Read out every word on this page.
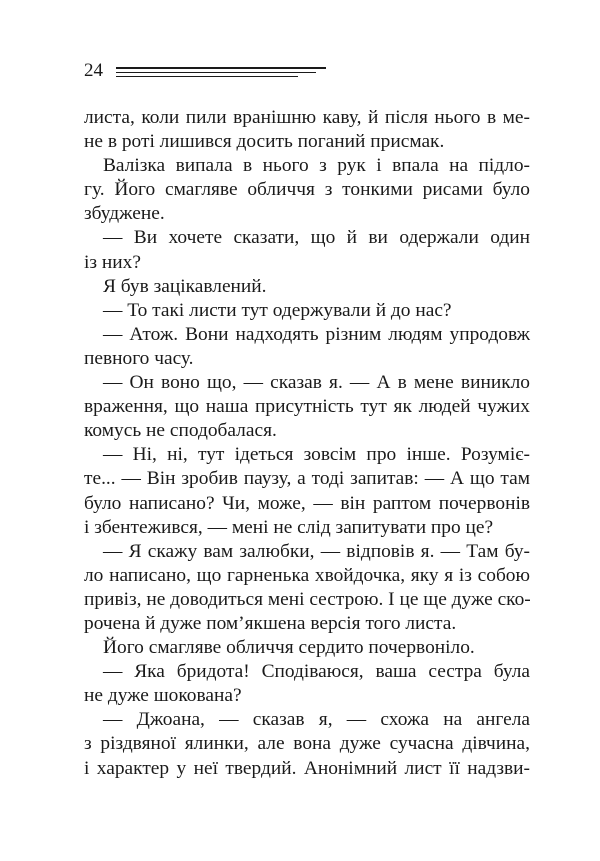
24
листа, коли пили вранішню каву, й після нього в ме-
не в роті лишився досить поганий присмак.
Валізка випала в нього з рук і впала на підло-
гу. Його смагляве обличчя з тонкими рисами було
збуджене.
— Ви хочете сказати, що й ви одержали один
із них?
Я був зацікавлений.
— То такі листи тут одержували й до нас?
— Атож. Вони надходять різним людям упродовж
певного часу.
— Он воно що, — сказав я. — А в мене виникло
враження, що наша присутність тут як людей чужих
комусь не сподобалася.
— Ні, ні, тут ідеться зовсім про інше. Розуміє-
те... — Він зробив паузу, а тоді запитав: — А що там
було написано? Чи, може, — він раптом почервонів
і збентежився, — мені не слід запитувати про це?
— Я скажу вам залюбки, — відповів я. — Там бу-
ло написано, що гарненька хвойдочка, яку я із собою
привіз, не доводиться мені сестрою. І це ще дуже ско-
рочена й дуже пом’якшена версія того листа.
Його смагляве обличчя сердито почервоніло.
— Яка бридота! Сподіваюся, ваша сестра була
не дуже шокована?
— Джоана, — сказав я, — схожа на ангела
з різдвяної ялинки, але вона дуже сучасна дівчина,
і характер у неї твердий. Анонімний лист її надзви-
